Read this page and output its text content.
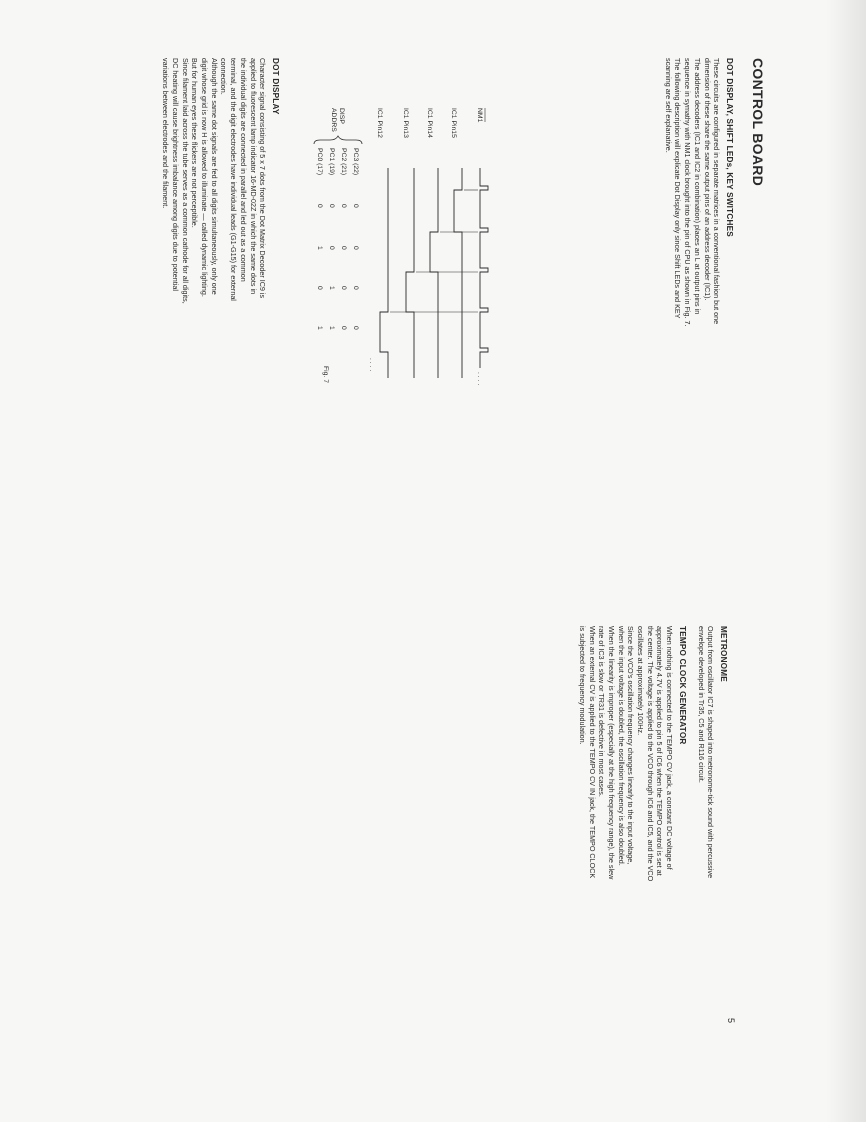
CONTROL BOARD
DOT DISPLAY, SHIFT LEDs, KEY SWITCHES

These circuits are configured in separate matrices in a conventional fashion but one dimension of these share the same output pins of an address decoder (IC1).

The address decoders (IC1 and IC2 in combination) places an L at output pins in sequence in symathy with NM1 clock brought into the pin of CPU as shown in Fig. 7. The following description will explicate Dot Display only since Shift LEDs and KEY scanning are self explanative.

NM1
IC1 Pin15
IC1 Pin14
IC1 Pin13
IC1 Pin12
. . . .
. . . .
DISP
ADDRS
PC3 (22)
PC2 (21)
PC1 (19)
PC0 (17)
0
0
0
0
0
0
0
0
0
0
1
1
0
1
0
1
Fig. 7
DOT DISPLAY

Character signal consisting of 5 x 7 dots from the Dot Matrix Decoder IC9 is applied to fluorescent lamp indicator 16-MD-02Z in which the same dots in the individual digits are connected in parallel and led out as a common terminal, and the digit electrodes have individual leads (G1-G15) for external connection.

Although the same dot signals are fed to all digits simultaneously, only one digit whose grid is now H is allowed to illuminate — called dynamic lighting. But for human eyes these flickers are not perceptible.

Since filament laid across the tube serves as a common cathode for all digits, DC heating will cause brightness imbalance among digits due to potential variations between electrodes and the filament.

METRONOME

Output from oscillator IC7 is shaped into metronome-tick sound with percussive envelope developed in Tr35, C5 and R116 circuit.

TEMPO CLOCK GENERATOR

When nothing is connected to the TEMPO CV jack, a constant DC voltage of approximately 4.7V is applied to pin 5 of IC6 when the TEMPO control is set at the center. The voltage is applied to the VCO through IC6 and IC5, and the VCO oscillates at approximately 100Hz.

Since the VCO's oscillation frequency changes linearly to the input voltage, when the input voltage is doubled, the oscillation frequency is also doubled. When the linearity is improper (especially at the high frequency range), the slew rate of IC3 is slow or TR31 is defective in most cases.

When an external CV is applied to the TEMPO CV IN jack, the TEMPO CLOCK is subjected to frequency modulation.

5
